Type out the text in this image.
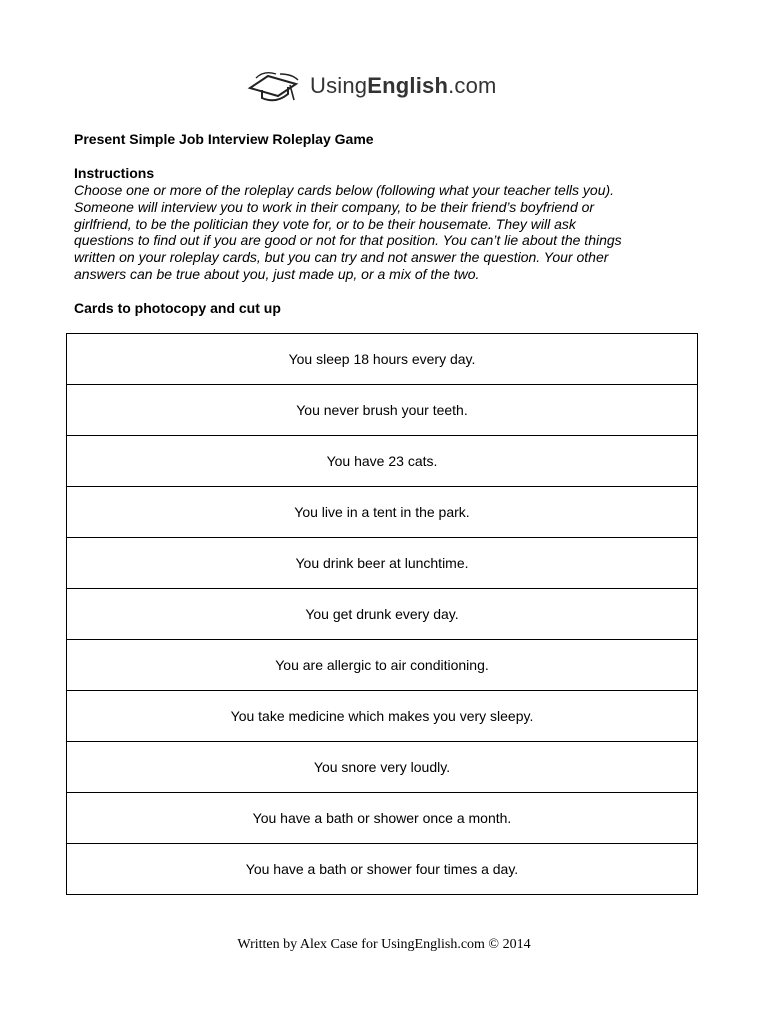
UsingEnglish.com
Present Simple Job Interview Roleplay Game
Instructions

Choose one or more of the roleplay cards below (following what your teacher tells you).
Someone will interview you to work in their company, to be their friend’s boyfriend or
girlfriend, to be the politician they vote for, or to be their housemate. They will ask
questions to find out if you are good or not for that position. You can’t lie about the things
written on your roleplay cards, but you can try and not answer the question. Your other
answers can be true about you, just made up, or a mix of the two.

Cards to photocopy and cut up
You sleep 18 hours every day.
You never brush your teeth.
You have 23 cats.
You live in a tent in the park.
You drink beer at lunchtime.
You get drunk every day.
You are allergic to air conditioning.
You take medicine which makes you very sleepy.
You snore very loudly.
You have a bath or shower once a month.
You have a bath or shower four times a day.
Written by Alex Case for UsingEnglish.com © 2014
